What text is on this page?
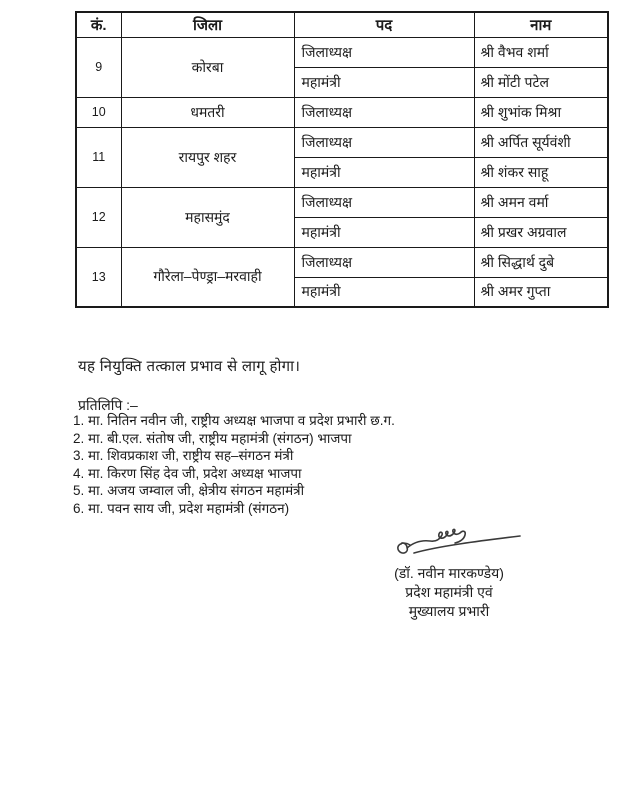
कं.	जिला	पद	नाम
9	कोरबा	जिलाध्यक्ष	श्री वैभव शर्मा
		महामंत्री	श्री मोंटी पटेल
10	धमतरी	जिलाध्यक्ष	श्री शुभांक मिश्रा
11	रायपुर शहर	जिलाध्यक्ष	श्री अर्पित सूर्यवंशी
		महामंत्री	श्री शंकर साहू
12	महासमुंद	जिलाध्यक्ष	श्री अमन वर्मा
		महामंत्री	श्री प्रखर अग्रवाल
13	गौरेला–पेण्ड्रा–मरवाही	जिलाध्यक्ष	श्री सिद्धार्थ दुबे
		महामंत्री	श्री अमर गुप्ता
यह नियुक्ति तत्काल प्रभाव से लागू होगा।
प्रतिलिपि :–
1. मा. नितिन नवीन जी, राष्ट्रीय अध्यक्ष भाजपा व प्रदेश प्रभारी छ.ग.
2. मा. बी.एल. संतोष जी, राष्ट्रीय महामंत्री (संगठन) भाजपा
3. मा. शिवप्रकाश जी, राष्ट्रीय सह–संगठन मंत्री
4. मा. किरण सिंह देव जी, प्रदेश अध्यक्ष भाजपा
5. मा. अजय जम्वाल जी, क्षेत्रीय संगठन महामंत्री
6. मा. पवन साय जी, प्रदेश महामंत्री (संगठन)
(डॉ. नवीन मारकण्डेय)
प्रदेश महामंत्री एवं
मुख्यालय प्रभारी
